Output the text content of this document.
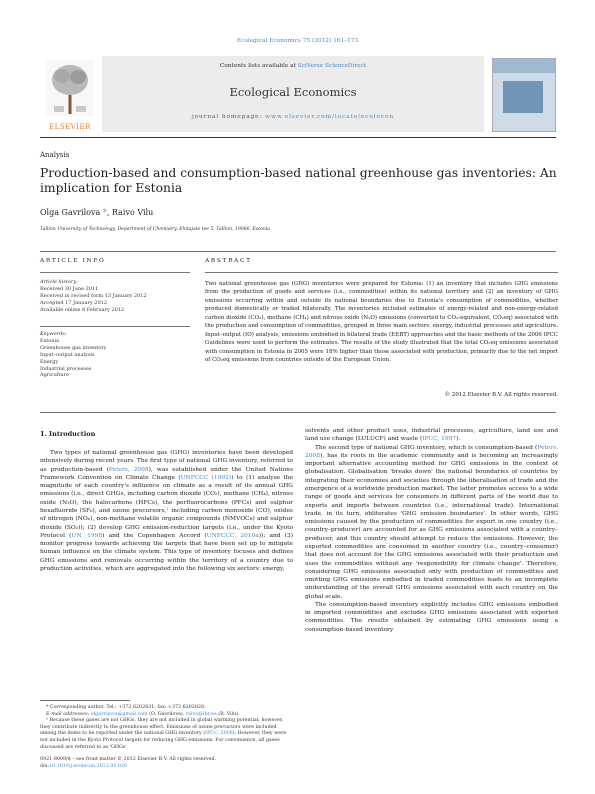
Ecological Economics 75 (2012) 161–173
ELSEVIER
Contents lists available at SciVerse ScienceDirect
Ecological Economics
journal homepage: www.elsevier.com/locate/ecolecon
Analysis
Production-based and consumption-based national greenhouse gas inventories: An implication for Estonia
Olga Gavrilova *, Raivo Vilu
Tallinn University of Technology, Department of Chemistry, Ehitajate tee 5, Tallinn, 19086, Estonia
ARTICLE INFO
Article history:
Received 30 June 2011
Received in revised form 13 January 2012
Accepted 17 January 2012
Available online 8 February 2012
Keywords:
Estonia
Greenhouse gas inventory
Input–output analysis
Energy
Industrial processes
Agriculture
ABSTRACT
Two national greenhouse gas (GHG) inventories were prepared for Estonia: (1) an inventory that includes GHG emissions from the production of goods and services (i.e., commodities) within its national territory and (2) an inventory of GHG emissions occurring within and outside its national boundaries due to Estonia's consumption of commodities, whether produced domestically or traded bilaterally. The inventories included estimates of energy-related and non-energy-related carbon dioxide (CO₂), methane (CH₄) and nitrous oxide (N₂O) emissions (converted to CO₂-equivalent, CO₂eq) associated with the production and consumption of commodities, grouped in three main sectors: energy, industrial processes and agriculture. Input–output (IO) analysis, emissions embodied in bilateral trade (EEBT) approaches and the basic methods of the 2006 IPCC Guidelines were used to perform the estimates. The results of the study illustrated that the total CO₂eq emissions associated with consumption in Estonia in 2005 were 18% higher than those associated with production, primarily due to the net import of CO₂eq emissions from countries outside of the European Union.
© 2012 Elsevier B.V. All rights reserved.
1. Introduction

Two types of national greenhouse gas (GHG) inventories have been developed intensively during recent years. The first type of national GHG inventory, referred to as production-based (Peters, 2008), was established under the United Nations Framework Convention on Climate Change (UNFCCC (1992)) to (1) analyse the magnitude of each country's influence on climate as a result of its annual GHG emissions (i.e., direct GHGs, including carbon dioxide (CO₂), methane (CH₄), nitrous oxide (N₂O), the halocarbons (HFCs), the perfluorocarbons (PFCs) and sulphur hexafluoride (SF₆), and ozone precursors,¹ including carbon monoxide (CO), oxides of nitrogen (NOₓ), non-methane volatile organic compounds (NMVOCs) and sulphur dioxide (SO₂)); (2) develop GHG emission-reduction targets (i.e., under the Kyoto Protocol (UN, 1998) and the Copenhagen Accord (UNFCCC, 2010a)); and (3) monitor progress towards achieving the targets that have been set up to mitigate human influence on the climate system. This type of inventory focuses and defines GHG emissions and removals occurring within the territory of a country due to production activities, which are aggregated into the following six sectors: energy,

solvents and other product uses, industrial processes, agriculture, land use and land use change (LULUCF) and waste (IPCC, 1997).

The second type of national GHG inventory, which is consumption-based (Peters, 2008), has its roots in the academic community and is becoming an increasingly important alternative accounting method for GHG emissions in the context of globalisation. Globalisation 'breaks down' the national boundaries of countries by integrating their economies and societies through the liberalisation of trade and the emergence of a worldwide production market. The latter promotes access to a wide range of goods and services for consumers in different parts of the world due to exports and imports between countries (i.e., international trade). International trade, in its turn, obliterates 'GHG emission boundaries'. In other words, GHG emissions caused by the production of commodities for export in one country (i.e., country–producer) are accounted for as GHG emissions associated with a country–producer, and this country should attempt to reduce the emissions. However, the exported commodities are consumed in another country (i.e., country–consumer) that does not account for the GHG emissions associated with their production and uses the commodities without any 'responsibility for climate change'. Therefore, considering GHG emissions associated only with production of commodities and omitting GHG emissions embodied in traded commodities leads to an incomplete understanding of the overall GHG emissions associated with each country on the global scale.

The consumption-based inventory explicitly includes GHG emissions embodied in imported commodities and excludes GHG emissions associated with exported commodities. The results obtained by estimating GHG emissions using a consumption-based inventory

* Corresponding author. Tel.: +372 6202831; fax: +372 6202828.
E-mail addresses: olgavrilova@gmail.com (O. Gavrilova), raivo@ibt.ee (R. Vilu).
¹ Because these gases are not GHGs, they are not included in global warming potential; however, they contribute indirectly to the greenhouse effect. Emissions of ozone precursors were included among the items to be reported under the national GHG inventory (IPCC, 2006). However, they were not included in the Kyoto Protocol targets for reducing GHG emissions. For convenience, all gases discussed are referred to as 'GHGs'.
0921-8009/$ – see front matter © 2012 Elsevier B.V. All rights reserved.
doi:10.1016/j.ecolecon.2012.01.020
